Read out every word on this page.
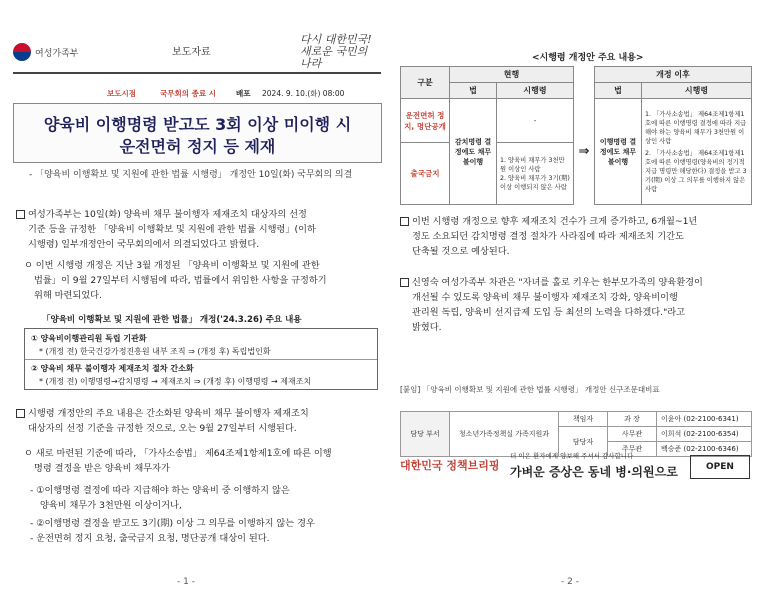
여성가족부	보도자료
다시 대한민국! 새로운 국민의 나라
보도시점	국무회의 종료 시	배포 2024. 9. 10.(화) 08:00
양육비 이행명령 받고도 3회 이상 미이행 시
운전면허 정지 등 제재
- 「양육비 이행확보 및 지원에 관한 법률 시행령」 개정안 10일(화) 국무회의 의결
여성가족부는 10일(화) 양육비 채무 불이행자 제재조치 대상자의 선정
기준 등을 규정한 「양육비 이행확보 및 지원에 관한 법률 시행령」(이하
시행령) 일부개정안이 국무회의에서 의결되었다고 밝혔다.
ㅇ 이번 시행령 개정은 지난 3월 개정된 「양육비 이행확보 및 지원에 관한
법률」이 9월 27일부터 시행됨에 따라, 법률에서 위임한 사항을 규정하기
위해 마련되었다.
「양육비 이행확보 및 지원에 관한 법률」 개정('24.3.26) 주요 내용
① 양육비이행관리원 독립 기관화
* (개정 전) 한국건강가정진흥원 내부 조직 ⇒ (개정 후) 독립법인화
② 양육비 채무 불이행자 제재조치 절차 간소화
* (개정 전) 이행명령→감치명령 → 제재조치 ⇒ (개정 후) 이행명령 → 제재조치
시행령 개정안의 주요 내용은 간소화된 양육비 채무 불이행자 제재조치
대상자의 선정 기준을 규정한 것으로, 오는 9월 27일부터 시행된다.
ㅇ 새로 마련된 기준에 따라, 「가사소송법」 제64조제1항제1호에 따른 이행
명령 결정을 받은 양육비 채무자가
- ①이행명령 결정에 따라 지급해야 하는 양육비 중 이행하지 않은
양육비 채무가 3천만원 이상이거나,
- ②이행명령 결정을 받고도 3기(期) 이상 그 의무를 이행하지 않는 경우
- 운전면허 정지 요청, 출국금지 요청, 명단공개 대상이 된다.
- 1 -
<시행령 개정안 주요 내용>
구분	현행			개정 이후	
	법	시행령		법	시행령
운전면허 정지, 명단공개	감치명령 결정에도 채무불이행	-	⇒	이행명령 결정에도 채무불이행	1. 「가사소송법」 제64조제1항제1호에 따른 이행명령 결정에 따라 지급해야 하는 양육비 채무가 3천만원 이상인 사람
2. 「가사소송법」 제64조제1항제1호에 따른 이행명령(양육비의 정기적 지급 명령만 해당한다) 결정을 받고 3기(期) 이상 그 의무를 이행하지 않은 사람

출국금지		1. 양육비 채무가 3천만원 이상인 사람
2. 양육비 채무가 3기(期) 이상 이행되지 않은 사람			
이번 시행령 개정으로 향후 제재조치 건수가 크게 증가하고, 6개월~1년
정도 소요되던 감치명령 결정 절차가 사라짐에 따라 제재조치 기간도
단축될 것으로 예상된다.
신영숙 여성가족부 차관은 "자녀를 홀로 키우는 한부모가족의 양육환경이
개선될 수 있도록 양육비 채무 불이행자 제재조치 강화, 양육비이행
관리원 독립, 양육비 선지급제 도입 등 최선의 노력을 다하겠다."라고
밝혔다.
[붙임] 「양육비 이행확보 및 지원에 관한 법률 시행령」 개정안 신구조문대비표
담당 부서	청소년가족정책실 가족지원과	책임자	과 장	이윤아 (02-2100-6341)
		담당자	사무관	이희석 (02-2100-6354)
			주무관	백승준 (02-2100-6346)
대한민국 정책브리핑
더 이은 환자에게 양보해 주셔서 감사합니다
가벼운 증상은 동네 병·의원으로	OPEN
- 2 -
